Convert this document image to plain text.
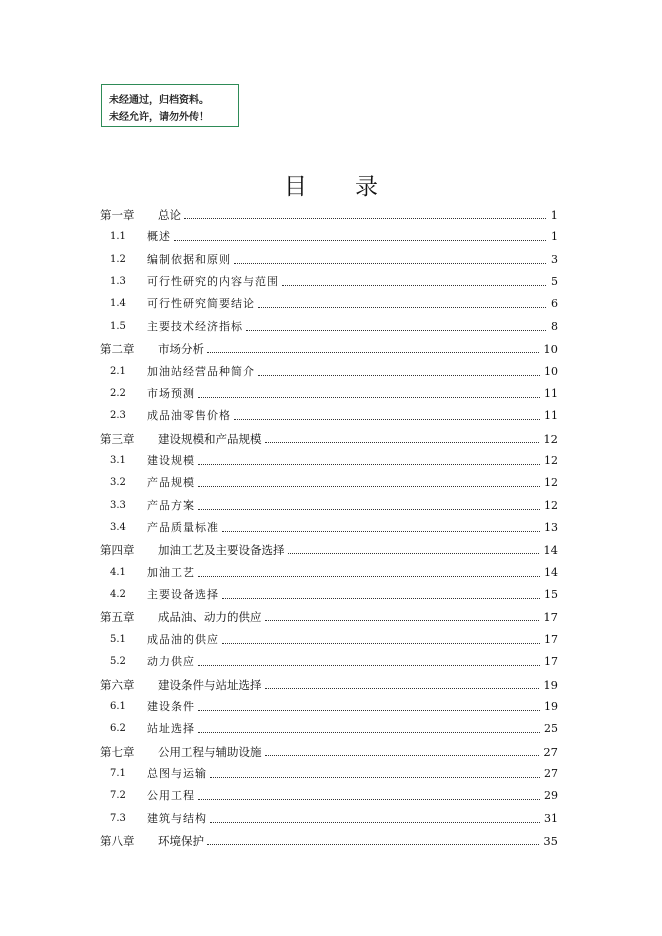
未经通过，归档资料。
未经允许，请勿外传！
目 录
第一章	总论	1
1.1	概述	1
1.2	编制依据和原则	3
1.3	可行性研究的内容与范围	5
1.4	可行性研究简要结论	6
1.5	主要技术经济指标	8
第二章	市场分析	10
2.1	加油站经营品种简介	10
2.2	市场预测	11
2.3	成品油零售价格	11
第三章	建设规模和产品规模	12
3.1	建设规模	12
3.2	产品规模	12
3.3	产品方案	12
3.4	产品质量标准	13
第四章	加油工艺及主要设备选择	14
4.1	加油工艺	14
4.2	主要设备选择	15
第五章	成品油、动力的供应	17
5.1	成品油的供应	17
5.2	动力供应	17
第六章	建设条件与站址选择	19
6.1	建设条件	19
6.2	站址选择	25
第七章	公用工程与辅助设施	27
7.1	总图与运输	27
7.2	公用工程	29
7.3	建筑与结构	31
第八章	环境保护	35
